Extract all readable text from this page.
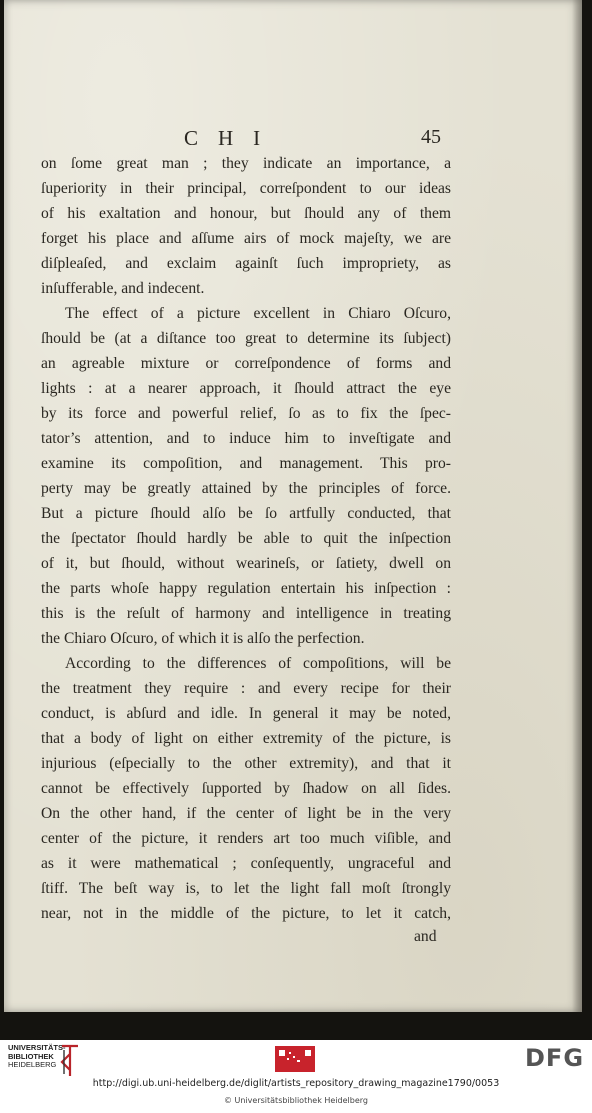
CHI	45
on ſome great man ; they indicate an importance, a
ſuperiority in their principal, correſpondent to our ideas
of his exaltation and honour, but ſhould any of them
forget his place and aſſume airs of mock majeſty, we are
diſpleaſed, and exclaim againſt ſuch impropriety, as
inſufferable, and indecent.
The effect of a picture excellent in Chiaro Oſcuro,
ſhould be (at a diſtance too great to determine its ſubject)
an agreable mixture or correſpondence of forms and
lights : at a nearer approach, it ſhould attract the eye
by its force and powerful relief, ſo as to fix the ſpec-
tator’s attention, and to induce him to inveſtigate and
examine its compoſition, and management. This pro-
perty may be greatly attained by the principles of force.
But a picture ſhould alſo be ſo artfully conducted, that
the ſpectator ſhould hardly be able to quit the inſpection
of it, but ſhould, without wearineſs, or ſatiety, dwell on
the parts whoſe happy regulation entertain his inſpection :
this is the reſult of harmony and intelligence in treating
the Chiaro Oſcuro, of which it is alſo the perfection.
According to the differences of compoſitions, will be
the treatment they require : and every recipe for their
conduct, is abſurd and idle. In general it may be noted,
that a body of light on either extremity of the picture, is
injurious (eſpecially to the other extremity), and that it
cannot be effectively ſupported by ſhadow on all ſides.
On the other hand, if the center of light be in the very
center of the picture, it renders art too much viſible, and
as it were mathematical ; conſequently, ungraceful and
ſtiff. The beſt way is, to let the light fall moſt ſtrongly
near, not in the middle of the picture, to let it catch,
and
UNIVERSITÄTS-
BIBLIOTHEK
HEIDELBERG	DFG
http://digi.ub.uni-heidelberg.de/diglit/artists_repository_drawing_magazine1790/0053
© Universitätsbibliothek Heidelberg
